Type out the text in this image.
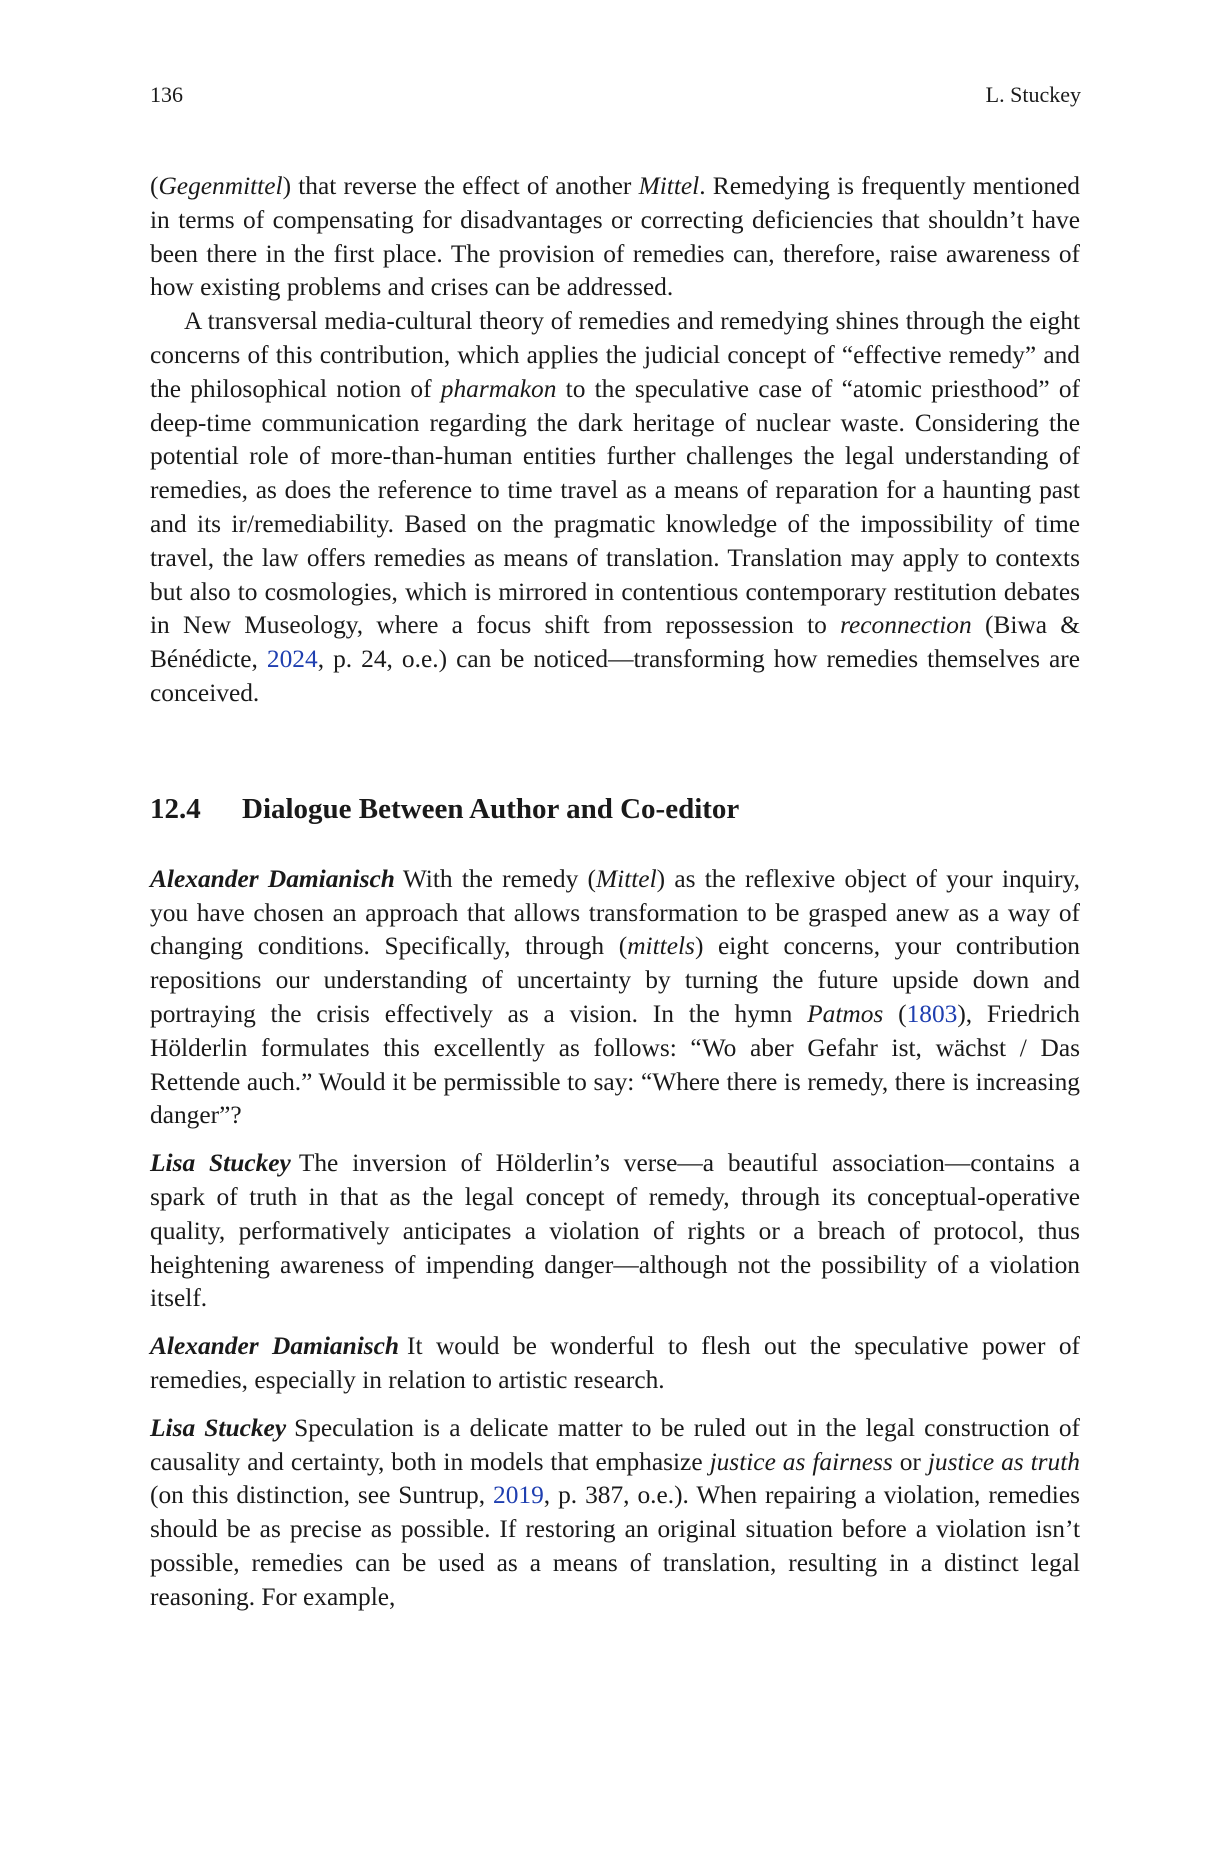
136	L. Stuckey

(Gegenmittel) that reverse the effect of another Mittel. Remedying is frequently mentioned in terms of compensating for disadvantages or correcting deficiencies that shouldn’t have been there in the first place. The provision of remedies can, therefore, raise awareness of how existing problems and crises can be addressed.

A transversal media-cultural theory of remedies and remedying shines through the eight concerns of this contribution, which applies the judicial concept of “effective remedy” and the philosophical notion of pharmakon to the speculative case of “atomic priesthood” of deep-time communication regarding the dark heritage of nuclear waste. Considering the potential role of more-than-human entities further challenges the legal understanding of remedies, as does the reference to time travel as a means of reparation for a haunting past and its ir/remediability. Based on the pragmatic knowledge of the impossibility of time travel, the law offers remedies as means of translation. Translation may apply to contexts but also to cosmologies, which is mirrored in contentious contemporary restitution debates in New Museology, where a focus shift from repossession to reconnection (Biwa & Bénédicte, 2024, p. 24, o.e.) can be noticed—transforming how remedies themselves are conceived.

12.4 Dialogue Between Author and Co-editor

Alexander Damianisch With the remedy (Mittel) as the reflexive object of your inquiry, you have chosen an approach that allows transformation to be grasped anew as a way of changing conditions. Specifically, through (mittels) eight concerns, your contribution repositions our understanding of uncertainty by turning the future upside down and portraying the crisis effectively as a vision. In the hymn Patmos (1803), Friedrich Hölderlin formulates this excellently as follows: “Wo aber Gefahr ist, wächst / Das Rettende auch.” Would it be permissible to say: “Where there is remedy, there is increasing danger”?

Lisa Stuckey The inversion of Hölderlin’s verse—a beautiful association—contains a spark of truth in that as the legal concept of remedy, through its conceptual-operative quality, performatively anticipates a violation of rights or a breach of protocol, thus heightening awareness of impending danger—although not the possibility of a violation itself.

Alexander Damianisch It would be wonderful to flesh out the speculative power of remedies, especially in relation to artistic research.

Lisa Stuckey Speculation is a delicate matter to be ruled out in the legal construction of causality and certainty, both in models that emphasize justice as fairness or justice as truth (on this distinction, see Suntrup, 2019, p. 387, o.e.). When repairing a violation, remedies should be as precise as possible. If restoring an original situation before a violation isn’t possible, remedies can be used as a means of translation, resulting in a distinct legal reasoning. For example,
